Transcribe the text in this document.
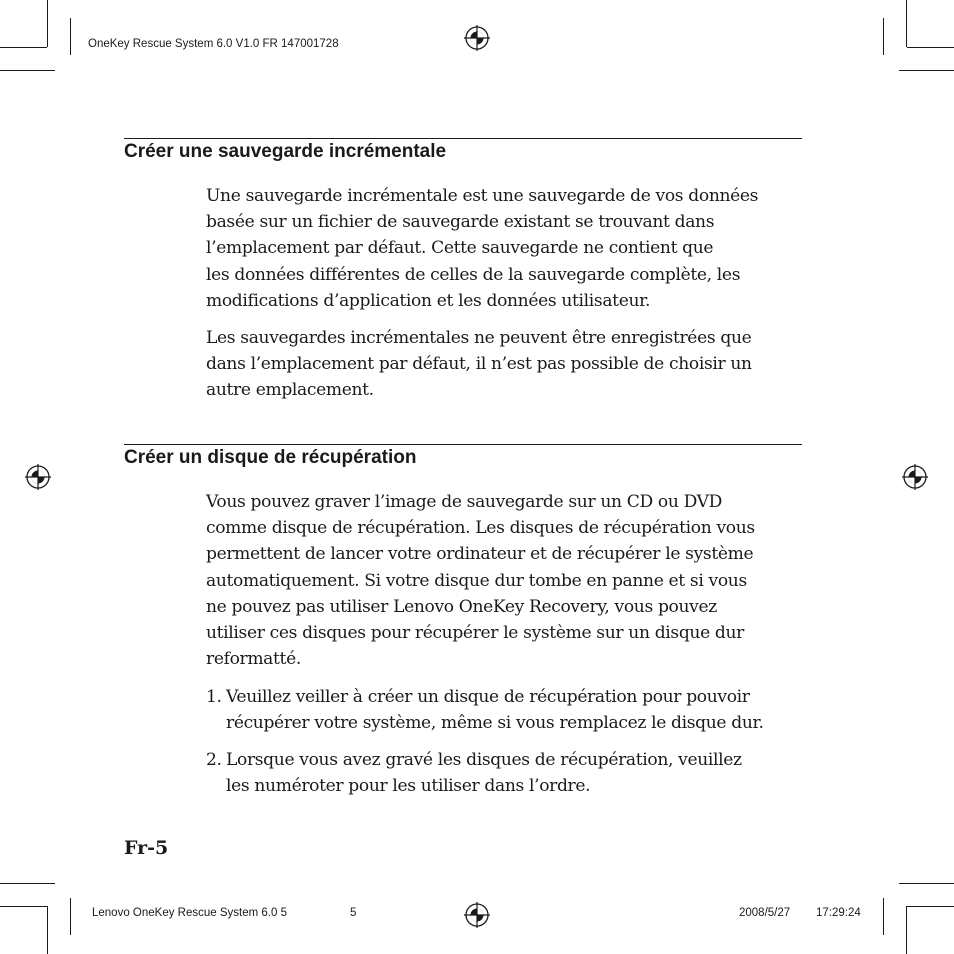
OneKey Rescue System 6.0 V1.0 FR 147001728
Lenovo OneKey Rescue System 6.0 5	5	2008/5/27 17:29:24
Créer une sauvegarde incrémentale

Une sauvegarde incrémentale est une sauvegarde de vos données
basée sur un fichier de sauvegarde existant se trouvant dans
l’emplacement par défaut. Cette sauvegarde ne contient que
les données différentes de celles de la sauvegarde complète, les
modifications d’application et les données utilisateur.

Les sauvegardes incrémentales ne peuvent être enregistrées que
dans l’emplacement par défaut, il n’est pas possible de choisir un
autre emplacement.

Créer un disque de récupération

Vous pouvez graver l’image de sauvegarde sur un CD ou DVD
comme disque de récupération. Les disques de récupération vous
permettent de lancer votre ordinateur et de récupérer le système
automatiquement. Si votre disque dur tombe en panne et si vous
ne pouvez pas utiliser Lenovo OneKey Recovery, vous pouvez
utiliser ces disques pour récupérer le système sur un disque dur
reformatté.

1. Veuillez veiller à créer un disque de récupération pour pouvoir
récupérer votre système, même si vous remplacez le disque dur.
2. Lorsque vous avez gravé les disques de récupération, veuillez
les numéroter pour les utiliser dans l’ordre.
Fr-5
